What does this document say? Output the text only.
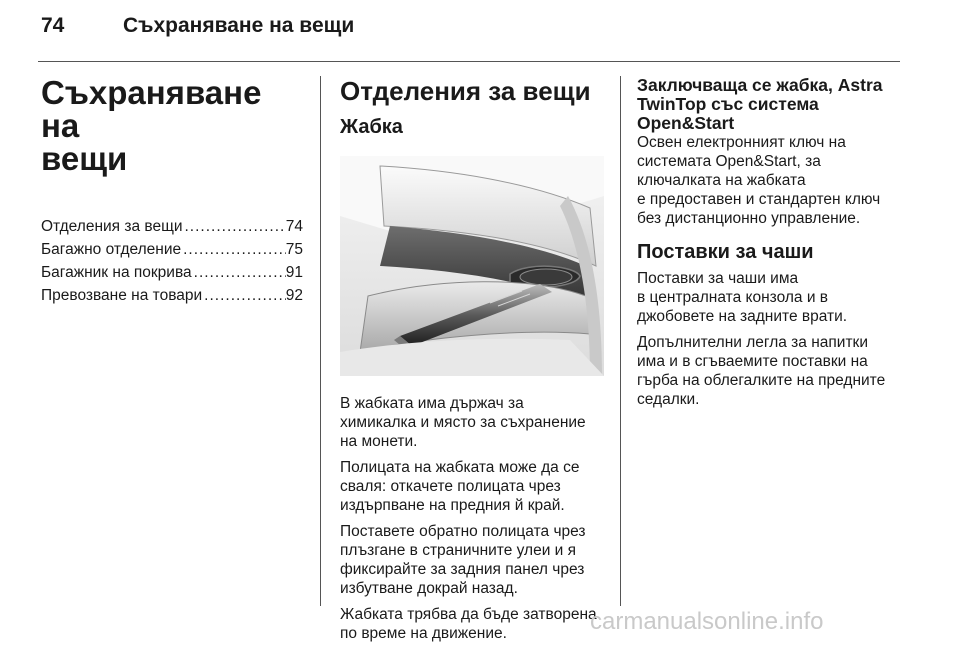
74	Съхраняване на вещи
Съхраняване на
вещи
Отделения за вещи .....	74
Багажно отделение .....	75
Багажник на покрива .....	91
Превозване на товари .....	92
Отделения за вещи
Жабка

В жабката има държач за
химикалка и място за съхранение
на монети.

Полицата на жабката може да се
сваля: откачете полицата чрез
издърпване на предния й край.

Поставете обратно полицата чрез
плъзгане в страничните улеи и я
фиксирайте за задния панел чрез
избутване докрай назад.

Жабката трябва да бъде затворена
по време на движение.

Заключваща се жабка, Astra
TwinTop със система
Open&Start

Освен електронният ключ на
системата Open&Start, за
ключалката на жабката
е предоставен и стандартен ключ
без дистанционно управление.

Поставки за чаши

Поставки за чаши има
в централната конзола и в
джобовете на задните врати.

Допълнителни легла за напитки
има и в сгъваемите поставки на
гърба на облегалките на предните
седалки.

carmanualsonline.info
